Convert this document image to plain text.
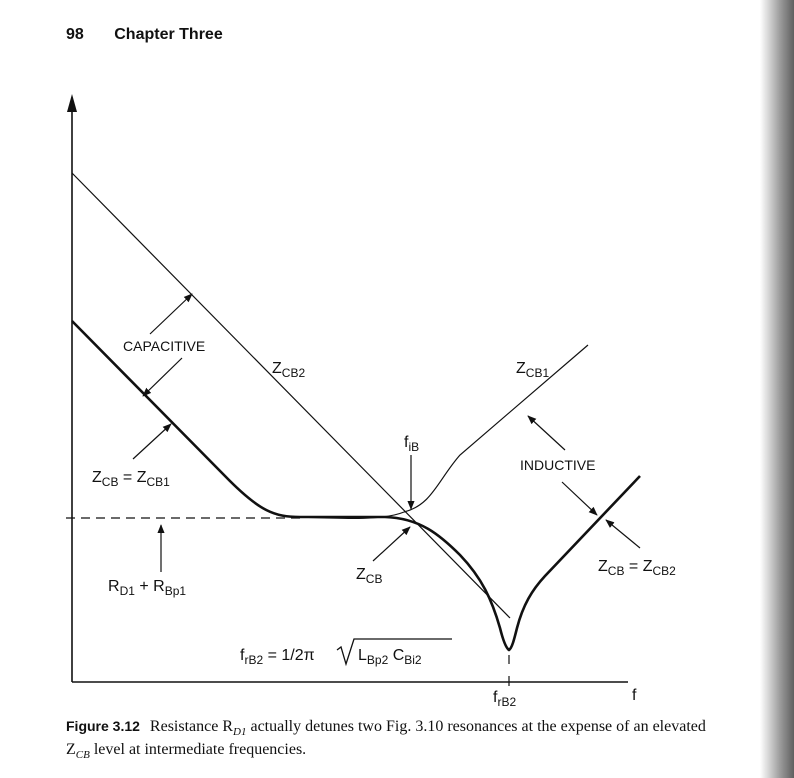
98 Chapter Three
CAPACITIVE
INDUCTIVE
$Z_{CB2}$	$Z_{CB1}$
$Z_{CB} = Z_{CB1}$
$f_{iB}$
$Z_{CB}$
$Z_{CB} = Z_{CB2}$
$R_{D1} + R_{Bp1}$
$f_{rB2} = 1/2\pi$	$L_{Bp2}$ $C_{Bi2}$
$f_{rB2}$	f
Figure 3.12 Resistance $R_{D1}$ actually detunes two Fig. 3.10 resonances at the expense of an elevated $Z_{CB}$ level at intermediate frequencies.
